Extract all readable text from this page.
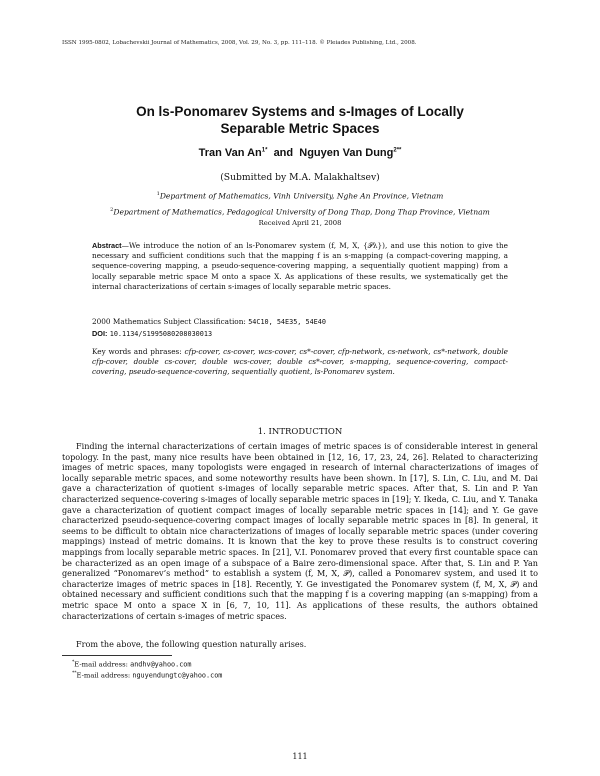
ISSN 1995-0802, Lobachevskii Journal of Mathematics, 2008, Vol. 29, No. 3, pp. 111–118. © Pleiades Publishing, Ltd., 2008.
On ls-Ponomarev Systems and s-Images of Locally
Separable Metric Spaces
Tran Van $An^{1*}$ and Nguyen Van Dung$^{2**}$
(Submitted by M.A. Malakhaltsev)
$^1$Department of Mathematics, Vinh University, Nghe An Province, Vietnam
$^2$Department of Mathematics, Pedagogical University of Dong Thap, Dong Thap Province, Vietnam
Received April 21, 2008
Abstract—We introduce the notion of an ls-Ponomarev system (f, M, X, {𝒫λ}), and use this notion to give the necessary and sufficient conditions such that the mapping f is an s-mapping (a compact-covering mapping, a sequence-covering mapping, a pseudo-sequence-covering mapping, a sequentially quotient mapping) from a locally separable metric space M onto a space X. As applications of these results, we systematically get the internal characterizations of certain s-images of locally separable metric spaces.
2000 Mathematics Subject Classification: 54C10, 54E35, 54E40
DOI: 10.1134/S1995080208030013
Key words and phrases: cfp-cover, cs-cover, wcs-cover, cs*-cover, cfp-network, cs-network, cs*-network, double cfp-cover, double cs-cover, double wcs-cover, double cs*-cover, s-mapping, sequence-covering, compact-covering, pseudo-sequence-covering, sequentially quotient, ls-Ponomarev system.
1. INTRODUCTION
Finding the internal characterizations of certain images of metric spaces is of considerable interest in general topology. In the past, many nice results have been obtained in [12, 16, 17, 23, 24, 26]. Related to characterizing images of metric spaces, many topologists were engaged in research of internal characterizations of images of locally separable metric spaces, and some noteworthy results have been shown. In [17], S. Lin, C. Liu, and M. Dai gave a characterization of quotient s-images of locally separable metric spaces. After that, S. Lin and P. Yan characterized sequence-covering s-images of locally separable metric spaces in [19]; Y. Ikeda, C. Liu, and Y. Tanaka gave a characterization of quotient compact images of locally separable metric spaces in [14]; and Y. Ge gave characterized pseudo-sequence-covering compact images of locally separable metric spaces in [8]. In general, it seems to be difficult to obtain nice characterizations of images of locally separable metric spaces (under covering mappings) instead of metric domains. It is known that the key to prove these results is to construct covering mappings from locally separable metric spaces. In [21], V.I. Ponomarev proved that every first countable space can be characterized as an open image of a subspace of a Baire zero-dimensional space. After that, S. Lin and P. Yan generalized “Ponomarev’s method” to establish a system (f, M, X, 𝒫), called a Ponomarev system, and used it to characterize images of metric spaces in [18]. Recently, Y. Ge investigated the Ponomarev system (f, M, X, 𝒫) and obtained necessary and sufficient conditions such that the mapping f is a covering mapping (an s-mapping) from a metric space M onto a space X in [6, 7, 10, 11]. As applications of these results, the authors obtained characterizations of certain s-images of metric spaces.
From the above, the following question naturally arises.
*E-mail address: andhv@yahoo.com
**E-mail address: nguyendungtc@yahoo.com
111
